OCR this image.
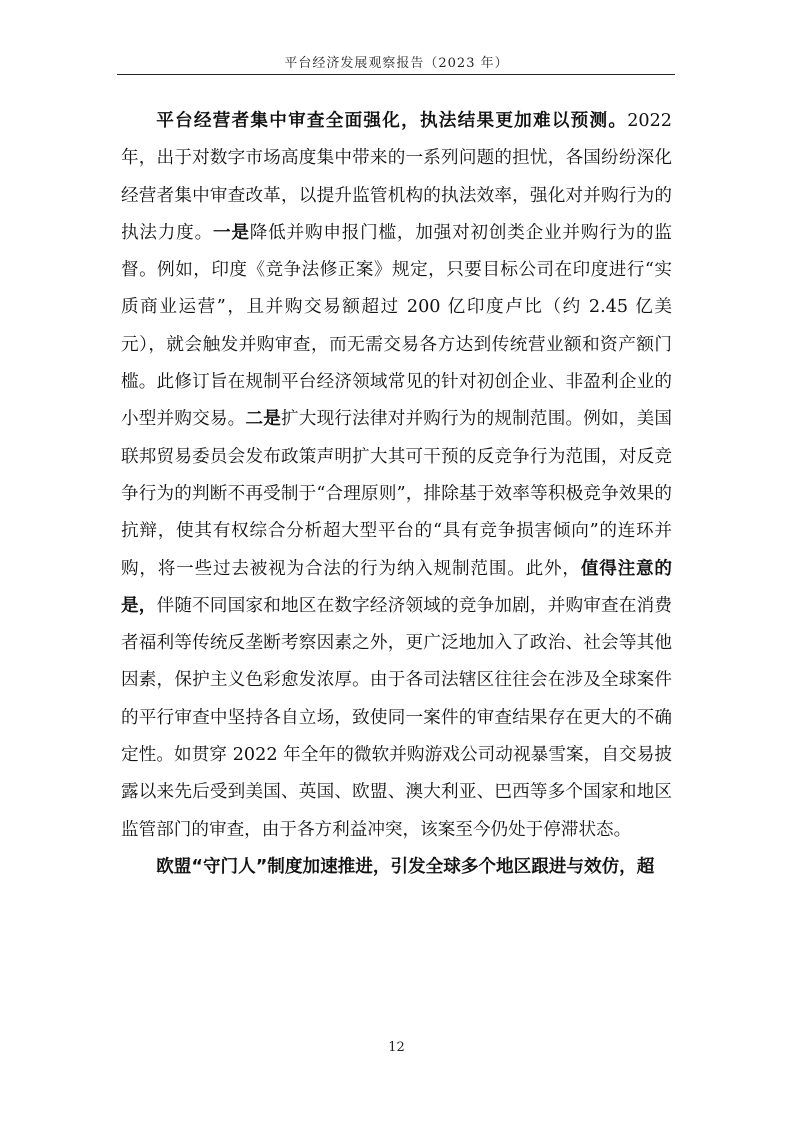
平台经济发展观察报告（2023 年）

平台经营者集中审查全面强化，执法结果更加难以预测。2022 年，出于对数字市场高度集中带来的一系列问题的担忧，各国纷纷深化经营者集中审查改革，以提升监管机构的执法效率，强化对并购行为的执法力度。一是降低并购申报门槛，加强对初创类企业并购行为的监督。例如，印度《竞争法修正案》规定，只要目标公司在印度进行“实质商业运营”，且并购交易额超过 200 亿印度卢比（约 2.45 亿美元），就会触发并购审查，而无需交易各方达到传统营业额和资产额门槛。此修订旨在规制平台经济领域常见的针对初创企业、非盈利企业的小型并购交易。二是扩大现行法律对并购行为的规制范围。例如，美国联邦贸易委员会发布政策声明扩大其可干预的反竞争行为范围，对反竞争行为的判断不再受制于“合理原则”，排除基于效率等积极竞争效果的抗辩，使其有权综合分析超大型平台的“具有竞争损害倾向”的连环并购，将一些过去被视为合法的行为纳入规制范围。此外，值得注意的是，伴随不同国家和地区在数字经济领域的竞争加剧，并购审查在消费者福利等传统反垄断考察因素之外，更广泛地加入了政治、社会等其他因素，保护主义色彩愈发浓厚。由于各司法辖区往往会在涉及全球案件的平行审查中坚持各自立场，致使同一案件的审查结果存在更大的不确定性。如贯穿 2022 年全年的微软并购游戏公司动视暴雪案，自交易披露以来先后受到美国、英国、欧盟、澳大利亚、巴西等多个国家和地区监管部门的审查，由于各方利益冲突，该案至今仍处于停滞状态。

欧盟“守门人”制度加速推进，引发全球多个地区跟进与效仿，超

12
